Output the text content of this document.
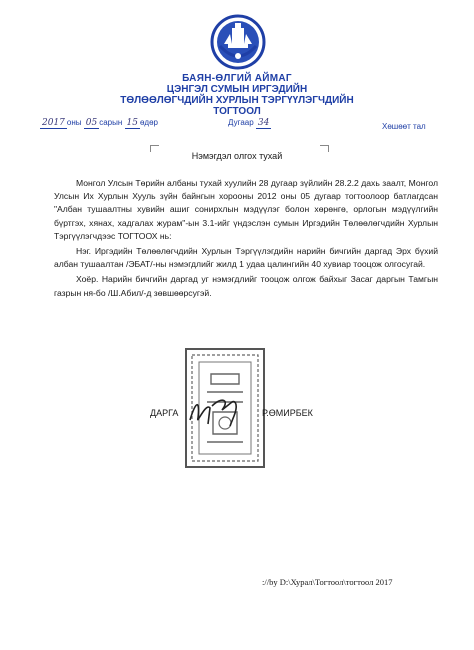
БАЯН-ӨЛГИЙ АЙМАГ
ЦЭНГЭЛ СУМЫН ИРГЭДИЙН
ТӨЛӨӨЛӨГЧДИЙН ХУРЛЫН ТЭРГҮҮЛЭГЧДИЙН
ТОГТООЛ
2017 оны 05 сарын 15 өдөр	Дугаар 34	Хөшөөт тал
Нэмэгдэл олгох тухай

Монгол Улсын Төрийн албаны тухай хуулийн 28 дугаар зүйлийн 28.2.2 дахь заалт, Монгол Улсын Их Хурлын Хууль зүйн байнгын хорооны 2012 оны 05 дугаар тогтоолоор батлагдсан "Албан тушаалтны хувийн ашиг сонирхлын мэдүүлэг болон хөрөнгө, орлогын мэдүүлгийн бүртгэх, хянах, хадгалах журам"-ын 3.1-ийг үндэслэн сумын Иргэдийн Төлөөлөгчдийн Хурлын Тэргүүлэгчдээс ТОГТООХ нь:

Нэг. Иргэдийн Төлөөлөгчдийн Хурлын Тэргүүлэгдийн нарийн бичгийн даргад Эрх бүхий албан тушаалтан /ЭБАТ/-ны нэмэгдлийг жилд 1 удаа цалингийн 40 хувиар тооцож олгосугай.

Хоёр. Нарийн бичгийн даргад уг нэмэгдлийг тооцож олгож байхыг Засаг даргын Тамгын газрын ня-бо /Ш.Абил/-д зөвшөөрсугэй.

ДАРГА	Р.ӨМИРБЕК
://by D:\Хурал\Тогтоол\тогтоол 2017
